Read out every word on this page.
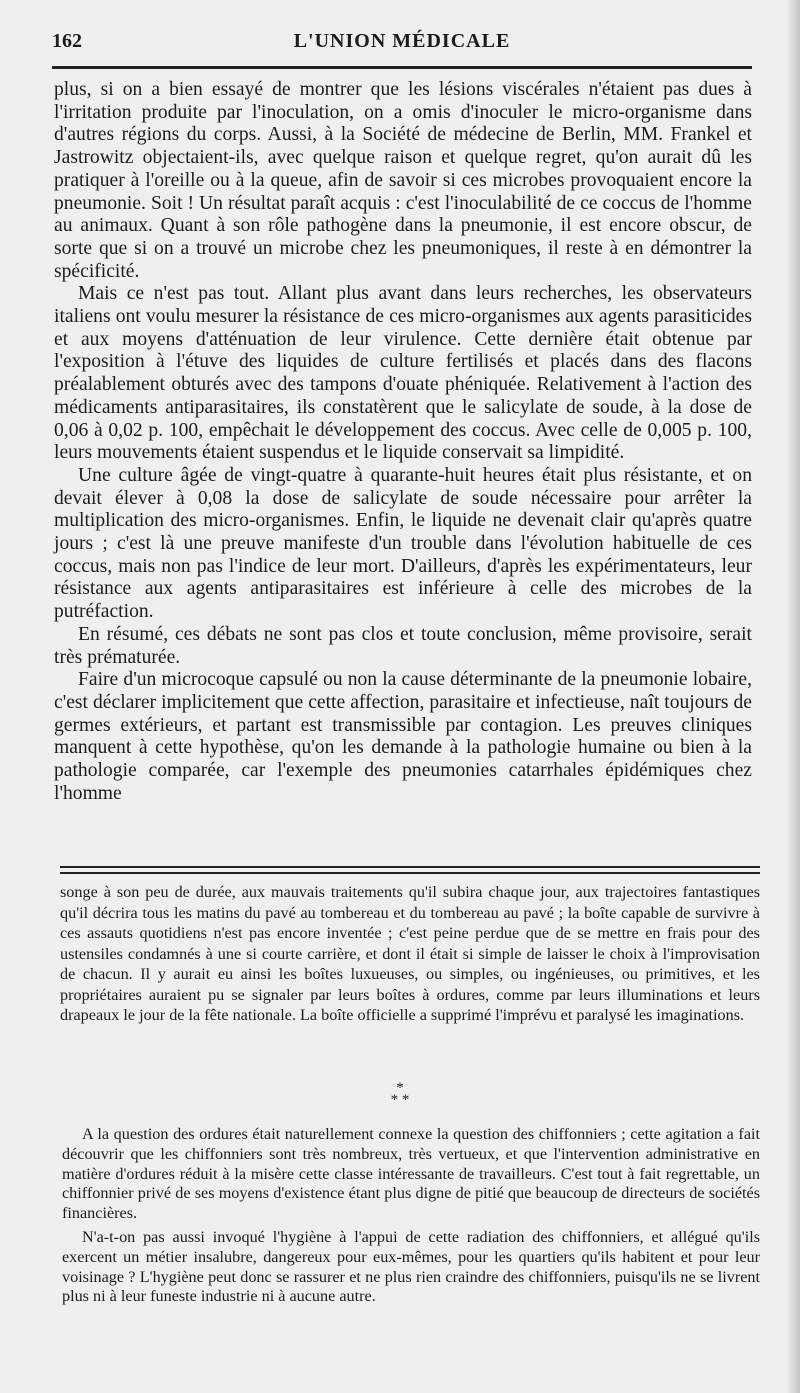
162	L'UNION MÉDICALE

plus, si on a bien essayé de montrer que les lésions viscérales n'étaient pas dues à l'irritation produite par l'inoculation, on a omis d'inoculer le micro-organisme dans d'autres régions du corps. Aussi, à la Société de médecine de Berlin, MM. Frankel et Jastrowitz objectaient-ils, avec quelque raison et quelque regret, qu'on aurait dû les pratiquer à l'oreille ou à la queue, afin de savoir si ces microbes provoquaient encore la pneumonie. Soit ! Un résultat paraît acquis : c'est l'inoculabilité de ce coccus de l'homme au animaux. Quant à son rôle pathogène dans la pneumonie, il est encore obscur, de sorte que si on a trouvé un microbe chez les pneumoniques, il reste à en démontrer la spécificité.

Mais ce n'est pas tout. Allant plus avant dans leurs recherches, les observateurs italiens ont voulu mesurer la résistance de ces micro-organismes aux agents parasiticides et aux moyens d'atténuation de leur virulence. Cette dernière était obtenue par l'exposition à l'étuve des liquides de culture fertilisés et placés dans des flacons préalablement obturés avec des tampons d'ouate phéniquée. Relativement à l'action des médicaments antiparasitaires, ils constatèrent que le salicylate de soude, à la dose de 0,06 à 0,02 p. 100, empêchait le développement des coccus. Avec celle de 0,005 p. 100, leurs mouvements étaient suspendus et le liquide conservait sa limpidité.

Une culture âgée de vingt-quatre à quarante-huit heures était plus résistante, et on devait élever à 0,08 la dose de salicylate de soude nécessaire pour arrêter la multiplication des micro-organismes. Enfin, le liquide ne devenait clair qu'après quatre jours ; c'est là une preuve manifeste d'un trouble dans l'évolution habituelle de ces coccus, mais non pas l'indice de leur mort. D'ailleurs, d'après les expérimentateurs, leur résistance aux agents antiparasitaires est inférieure à celle des microbes de la putréfaction.

En résumé, ces débats ne sont pas clos et toute conclusion, même provisoire, serait très prématurée.

Faire d'un microcoque capsulé ou non la cause déterminante de la pneumonie lobaire, c'est déclarer implicitement que cette affection, parasitaire et infectieuse, naît toujours de germes extérieurs, et partant est transmissible par contagion. Les preuves cliniques manquent à cette hypothèse, qu'on les demande à la pathologie humaine ou bien à la pathologie comparée, car l'exemple des pneumonies catarrhales épidémiques chez l'homme

songe à son peu de durée, aux mauvais traitements qu'il subira chaque jour, aux trajectoires fantastiques qu'il décrira tous les matins du pavé au tombereau et du tombereau au pavé ; la boîte capable de survivre à ces assauts quotidiens n'est pas encore inventée ; c'est peine perdue que de se mettre en frais pour des ustensiles condamnés à une si courte carrière, et dont il était si simple de laisser le choix à l'improvisation de chacun. Il y aurait eu ainsi les boîtes luxueuses, ou simples, ou ingénieuses, ou primitives, et les propriétaires auraient pu se signaler par leurs boîtes à ordures, comme par leurs illuminations et leurs drapeaux le jour de la fête nationale. La boîte officielle a supprimé l'imprévu et paralysé les imaginations.

*
* *

A la question des ordures était naturellement connexe la question des chiffonniers ; cette agitation a fait découvrir que les chiffonniers sont très nombreux, très vertueux, et que l'intervention administrative en matière d'ordures réduit à la misère cette classe intéressante de travailleurs. C'est tout à fait regrettable, un chiffonnier privé de ses moyens d'existence étant plus digne de pitié que beaucoup de directeurs de sociétés financières.

N'a-t-on pas aussi invoqué l'hygiène à l'appui de cette radiation des chiffonniers, et allégué qu'ils exercent un métier insalubre, dangereux pour eux-mêmes, pour les quartiers qu'ils habitent et pour leur voisinage ? L'hygiène peut donc se rassurer et ne plus rien craindre des chiffonniers, puisqu'ils ne se livrent plus ni à leur funeste industrie ni à aucune autre.
